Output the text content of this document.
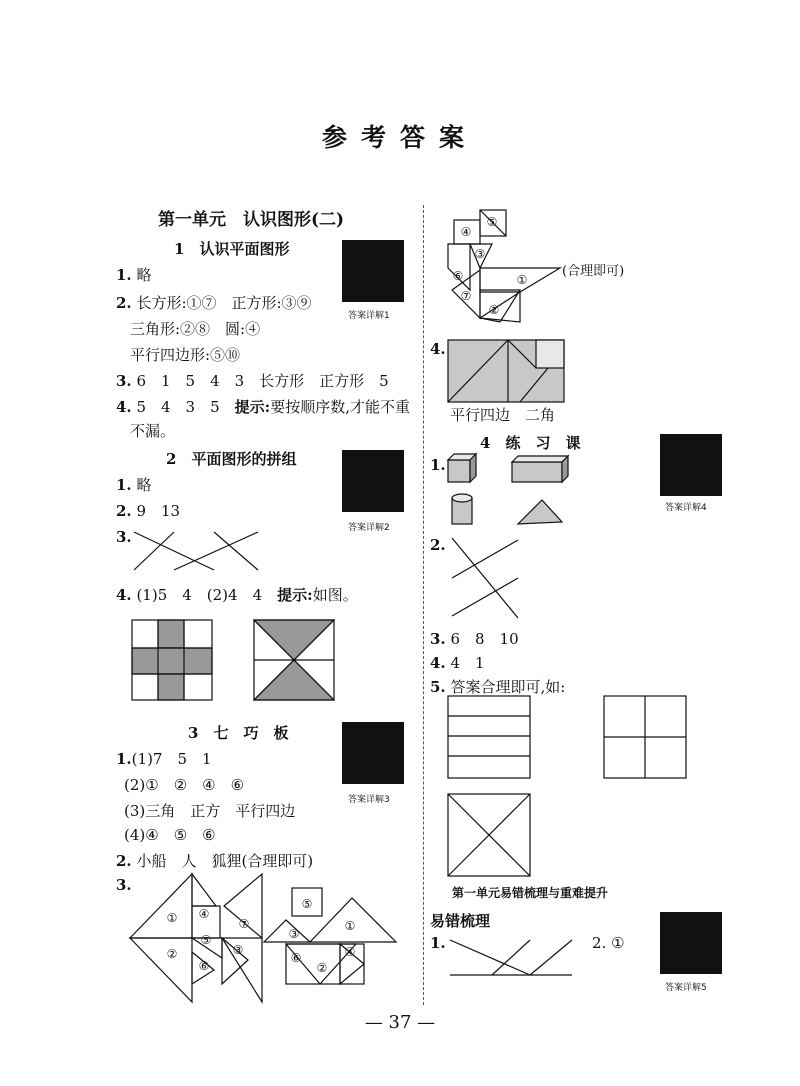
参考答案
第一单元　认识图形(二)
1　 认识平面图形
答案详解1
1. 略
2. 长方形:①⑦　正方形:③⑨
三角形:②⑧　圆:④
平行四边形:⑤⑩
3. 6　1　5　4　3　长方形　正方形　5
4. 5　4　3　5　 提示:要按顺序数,才能不重
不漏。
2　 平面图形的拼组
答案详解2
1. 略
2. 9　13
3.
4. (1)5　4　(2)4　4　 提示:如图。
3　 七　巧　板
答案详解3
1.(1)7　5　1
(2)①　②　④　⑥
(3)三角　正方　平行四边
(4)④　⑤　⑥
2. 小船　人　狐狸(合理即可)
3.
(合理即可)
4.
平行四边　二角
4　 练　习　课
答案详解4
1.
2.
3. 6　8　10
4. 4　1
5. 答案合理即可,如:
第一单元易错梳理与重难提升
易错梳理
1.	2. ①
答案详解5
— 37 —
① ④
⑦
⑤
②	③
⑥
⑤
③
①
④
②
⑥
④
⑤
③
⑥	①
⑦
②
